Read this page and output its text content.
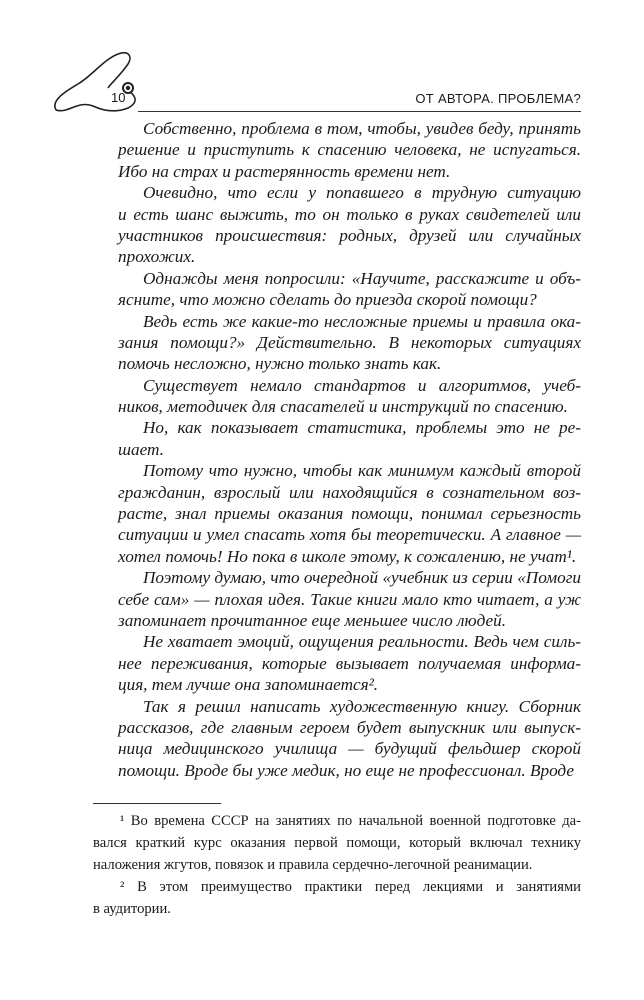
10	ОТ АВТОРА. ПРОБЛЕМА?
Собственно, проблема в том, чтобы, увидев беду, принять
решение и приступить к спасению человека, не испугаться.
Ибо на страх и растерянность времени нет.
Очевидно, что если у попавшего в трудную ситуацию
и есть шанс выжить, то он только в руках свидетелей или
участников происшествия: родных, друзей или случайных
прохожих.
Однажды меня попросили: «Научите, расскажите и объ-
ясните, что можно сделать до приезда скорой помощи?
Ведь есть же какие-то несложные приемы и правила ока-
зания помощи?» Действительно. В некоторых ситуациях
помочь несложно, нужно только знать как.
Существует немало стандартов и алгоритмов, учеб-
ников, методичек для спасателей и инструкций по спасению.
Но, как показывает статистика, проблемы это не ре-
шает.
Потому что нужно, чтобы как минимум каждый второй
гражданин, взрослый или находящийся в сознательном воз-
расте, знал приемы оказания помощи, понимал серьезность
ситуации и умел спасать хотя бы теоретически. А главное —
хотел помочь! Но пока в школе этому, к сожалению, не учат¹.
Поэтому думаю, что очередной «учебник из серии «Помоги
себе сам» — плохая идея. Такие книги мало кто читает, а уж
запоминает прочитанное еще меньшее число людей.
Не хватает эмоций, ощущения реальности. Ведь чем силь-
нее переживания, которые вызывает получаемая информа-
ция, тем лучше она запоминается².
Так я решил написать художественную книгу. Сборник
рассказов, где главным героем будет выпускник или выпуск-
ница медицинского училища — будущий фельдшер скорой
помощи. Вроде бы уже медик, но еще не профессионал. Вроде
¹ Во времена СССР на занятиях по начальной военной подготовке да-
вался краткий курс оказания первой помощи, который включал технику
наложения жгутов, повязок и правила сердечно-легочной реанимации.
² В этом преимущество практики перед лекциями и занятиями
в аудитории.
